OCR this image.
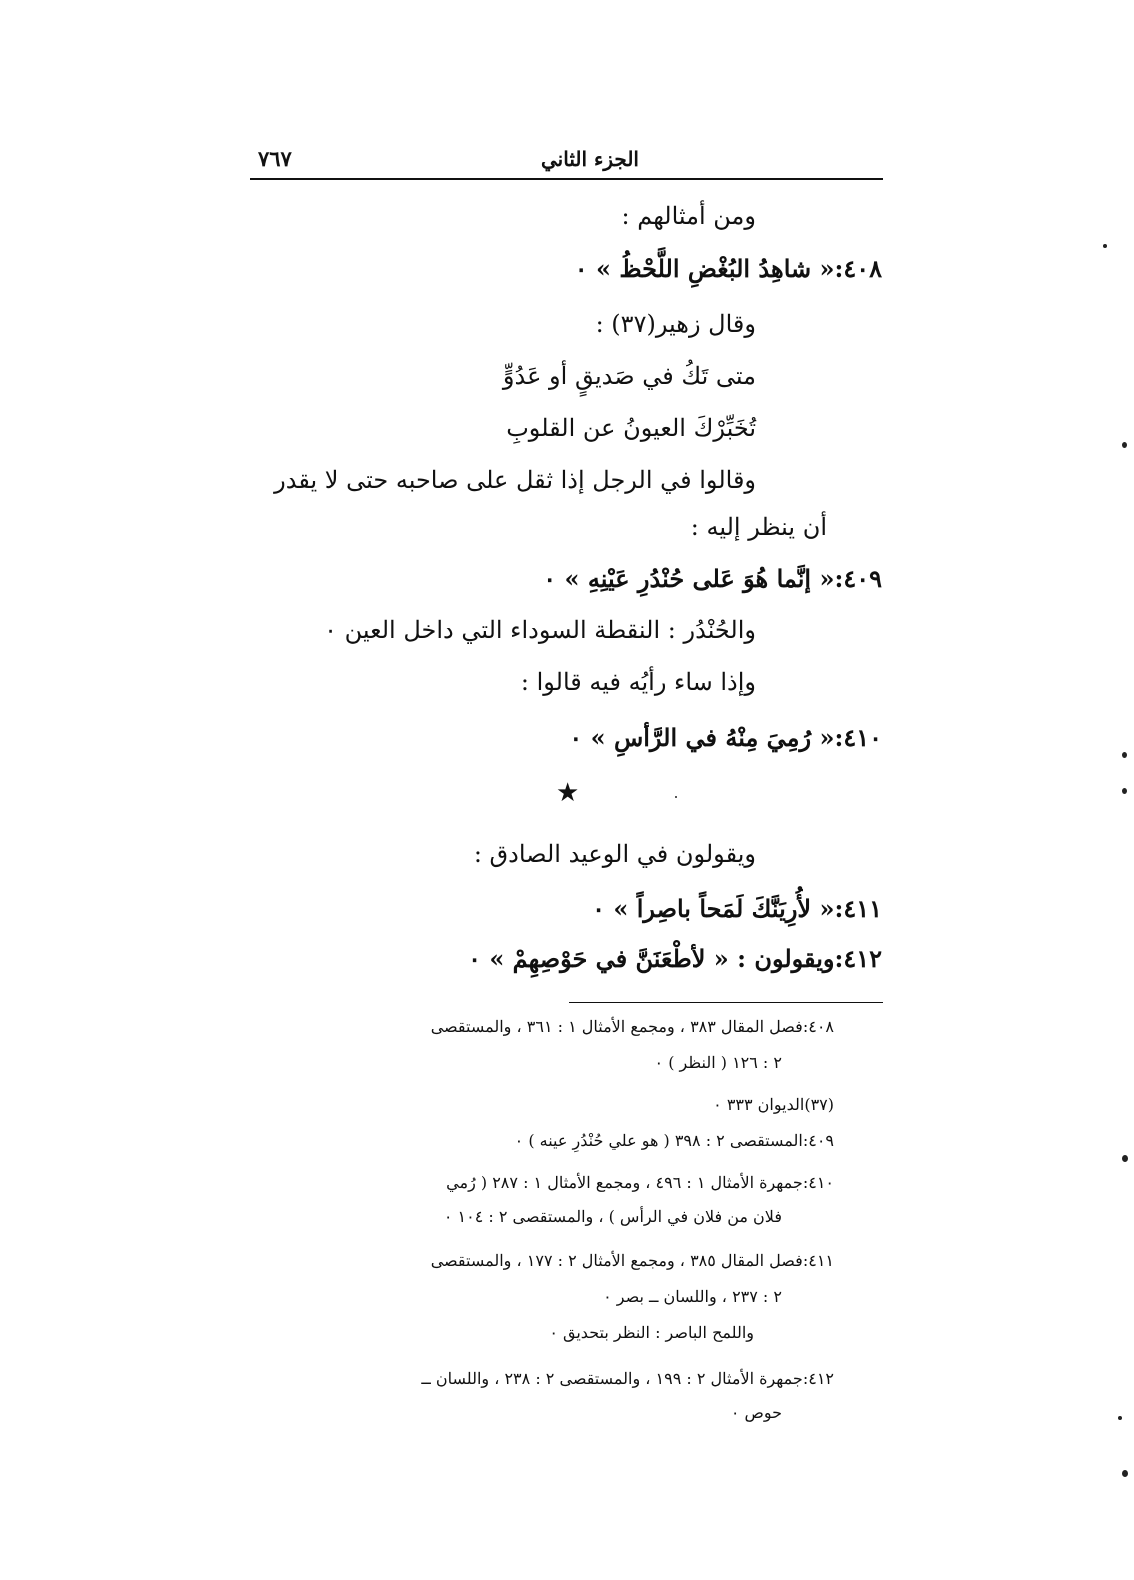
الجزء الثاني
٧٦٧
ومن أمثالهم :
٤٠٨:« شاهِدُ البُغْضِ اللَّحْظُ » ٠
وقال زهير(٣٧) :
متى تَكُ في صَديقٍ أو عَدُوٍّ
تُخَبِّرْكَ العيونُ عن القلوبِ
وقالوا في الرجل إذا ثقل على صاحبه حتى لا يقدر
أن ينظر إليه :
٤٠٩:« إنَّما هُوَ عَلى حُنْدُرِ عَيْنِهِ » ٠
والحُنْدُر : النقطة السوداء التي داخل العين ٠
وإذا ساء رأيُه فيه قالوا :
٤١٠:« رُمِيَ مِنْهُ في الرَّأسِ » ٠
★
ويقولون في الوعيد الصادق :
٤١١:« لأُرِيَنَّكَ لَمَحاً باصِراً » ٠
٤١٢:ويقولون : « لأطْعَنَنَّ في حَوْصِهِمْ » ٠
٤٠٨:فصل المقال ٣٨٣ ، ومجمع الأمثال ١ : ٣٦١ ، والمستقصى
٢ : ١٢٦ ( النظر ) ٠
(٣٧)الديوان ٣٣٣ ٠
٤٠٩:المستقصى ٢ : ٣٩٨ ( هو علي حُنْدُرِ عينه ) ٠
٤١٠:جمهرة الأمثال ١ : ٤٩٦ ، ومجمع الأمثال ١ : ٢٨٧ ( رُمي
فلان من فلان في الرأس ) ، والمستقصى ٢ : ١٠٤ ٠
٤١١:فصل المقال ٣٨٥ ، ومجمع الأمثال ٢ : ١٧٧ ، والمستقصى
٢ : ٢٣٧ ، واللسان ــ بصر ٠
واللمح الباصر : النظر بتحديق ٠
٤١٢:جمهرة الأمثال ٢ : ١٩٩ ، والمستقصى ٢ : ٢٣٨ ، واللسان ــ
حوص ٠
